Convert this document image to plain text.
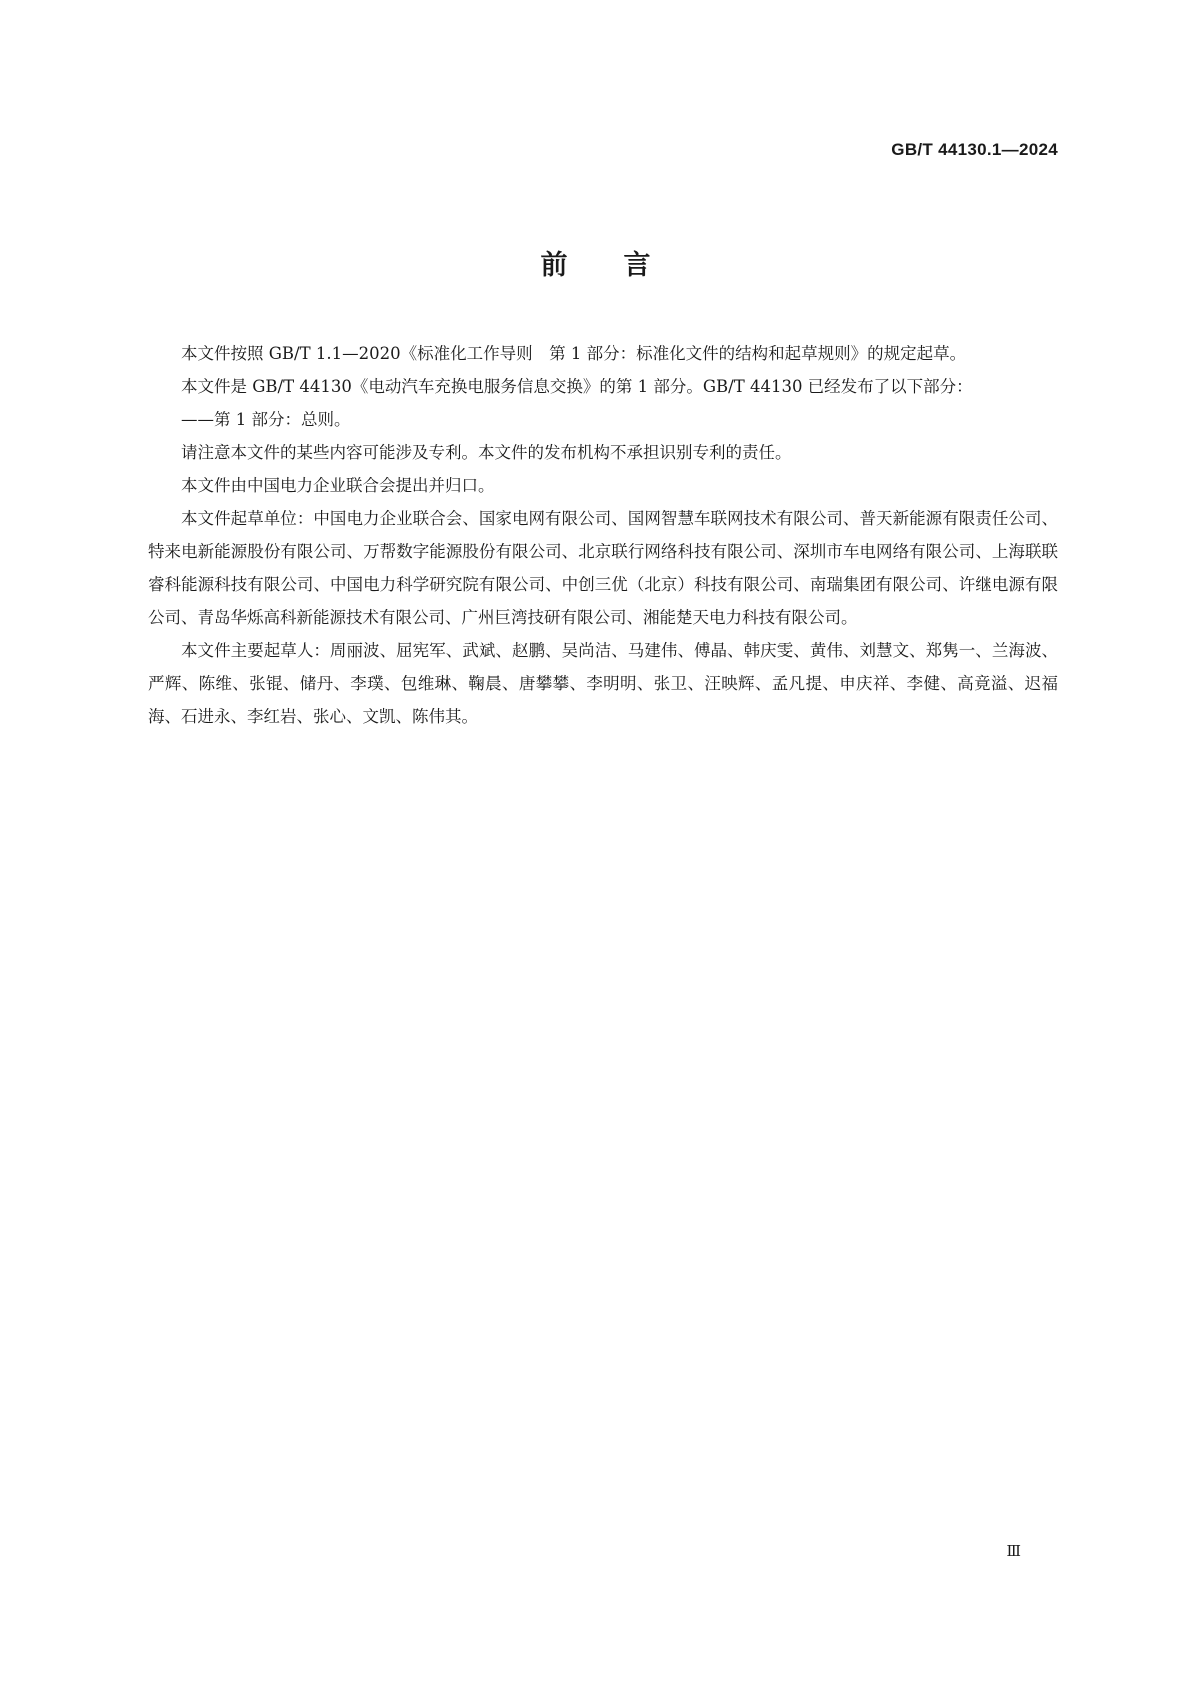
GB/T 44130.1—2024
前言

本文件按照 GB/T 1.1—2020《标准化工作导则　第 1 部分：标准化文件的结构和起草规则》的规定起草。

本文件是 GB/T 44130《电动汽车充换电服务信息交换》的第 1 部分。GB/T 44130 已经发布了以下部分：

——第 1 部分：总则。

请注意本文件的某些内容可能涉及专利。本文件的发布机构不承担识别专利的责任。

本文件由中国电力企业联合会提出并归口。

本文件起草单位：中国电力企业联合会、国家电网有限公司、国网智慧车联网技术有限公司、普天新能源有限责任公司、特来电新能源股份有限公司、万帮数字能源股份有限公司、北京联行网络科技有限公司、深圳市车电网络有限公司、上海联联睿科能源科技有限公司、中国电力科学研究院有限公司、中创三优（北京）科技有限公司、南瑞集团有限公司、许继电源有限公司、青岛华烁高科新能源技术有限公司、广州巨湾技研有限公司、湘能楚天电力科技有限公司。

本文件主要起草人：周丽波、屈宪军、武斌、赵鹏、吴尚洁、马建伟、傅晶、韩庆雯、黄伟、刘慧文、郑隽一、兰海波、严辉、陈维、张锟、储丹、李璞、包维琳、鞠晨、唐攀攀、李明明、张卫、汪映辉、孟凡提、申庆祥、李健、高竟溢、迟福海、石进永、李红岩、张心、文凯、陈伟其。

Ⅲ
